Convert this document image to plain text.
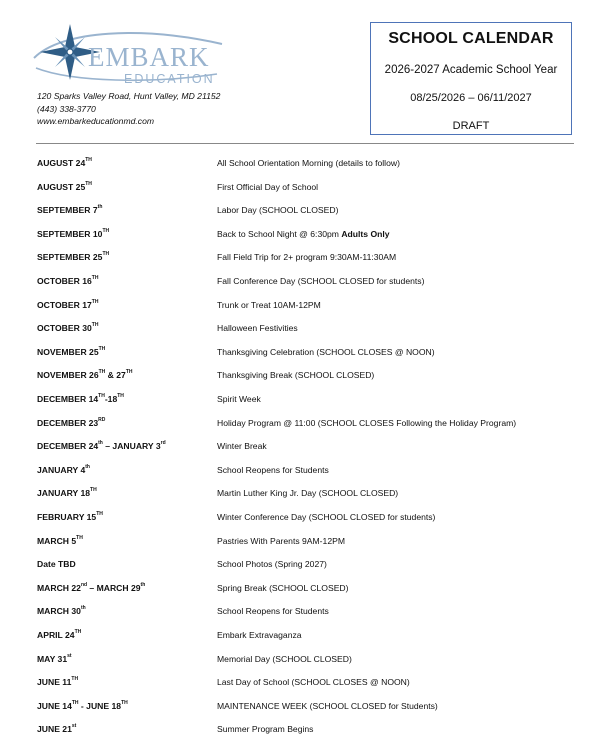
EMBARK
EDUCATION
120 Sparks Valley Road, Hunt Valley, MD 21152
(443) 338-3770
www.embarkeducationmd.com
SCHOOL CALENDAR
2026-2027 Academic School Year
08/25/2026 – 06/11/2027
DRAFT
AUGUST 24TH	All School Orientation Morning (details to follow)
AUGUST 25TH	First Official Day of School
SEPTEMBER 7th	Labor Day (SCHOOL CLOSED)
SEPTEMBER 10TH	Back to School Night @ 6:30pm Adults Only
SEPTEMBER 25TH	Fall Field Trip for 2+ program 9:30AM-11:30AM
OCTOBER 16TH	Fall Conference Day (SCHOOL CLOSED for students)
OCTOBER 17TH	Trunk or Treat 10AM-12PM
OCTOBER 30TH	Halloween Festivities
NOVEMBER 25TH	Thanksgiving Celebration (SCHOOL CLOSES @ NOON)
NOVEMBER 26TH & 27TH	Thanksgiving Break (SCHOOL CLOSED)
DECEMBER 14TH-18TH	Spirit Week
DECEMBER 23RD	Holiday Program @ 11:00 (SCHOOL CLOSES Following the Holiday Program)
DECEMBER 24th – JANUARY 3rd	Winter Break
JANUARY 4th	School Reopens for Students
JANUARY 18TH	Martin Luther King Jr. Day (SCHOOL CLOSED)
FEBRUARY 15TH	Winter Conference Day (SCHOOL CLOSED for students)
MARCH 5TH	Pastries With Parents 9AM-12PM
Date TBD	School Photos (Spring 2027)
MARCH 22nd – MARCH 29th	Spring Break (SCHOOL CLOSED)
MARCH 30th	School Reopens for Students
APRIL 24TH	Embark Extravaganza
MAY 31st	Memorial Day (SCHOOL CLOSED)
JUNE 11TH	Last Day of School (SCHOOL CLOSES @ NOON)
JUNE 14TH - JUNE 18TH	MAINTENANCE WEEK (SCHOOL CLOSED for Students)
JUNE 21st	Summer Program Begins
